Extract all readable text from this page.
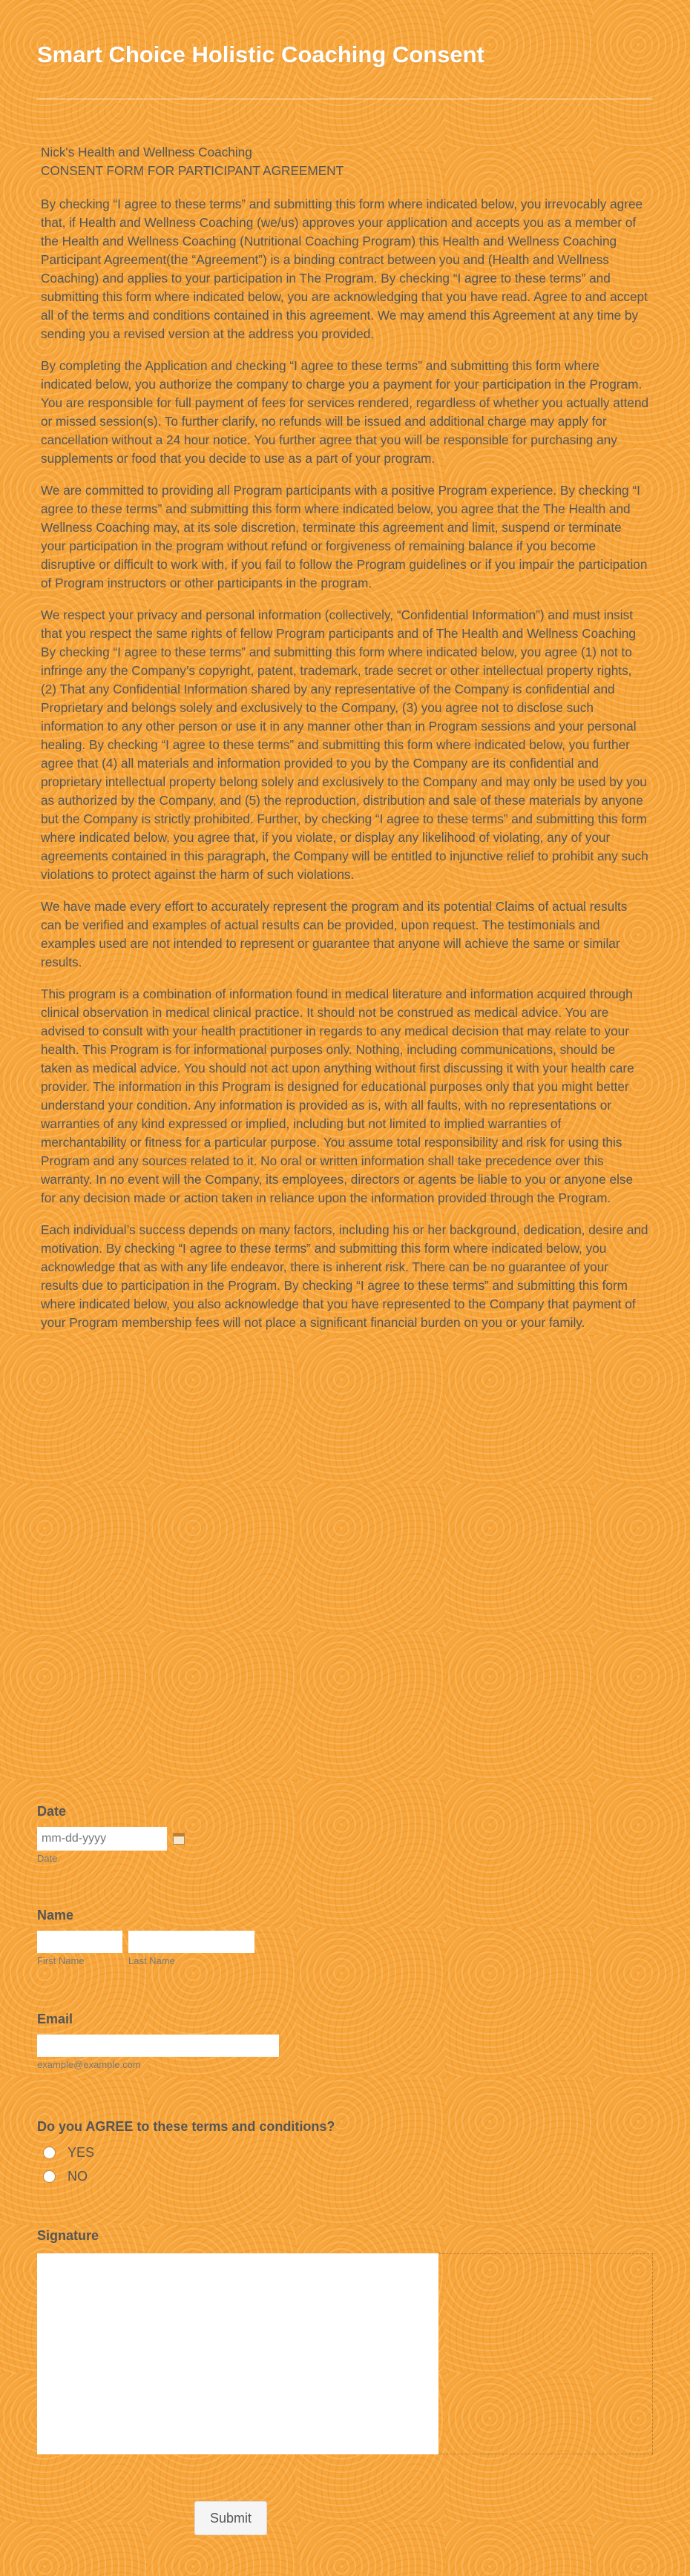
Smart Choice Holistic Coaching Consent

Nick's Health and Wellness Coaching
CONSENT FORM FOR PARTICIPANT AGREEMENT

By checking “I agree to these terms” and submitting this form where indicated below, you irrevocably agree that, if Health and Wellness Coaching (we/us) approves your application and accepts you as a member of the Health and Wellness Coaching (Nutritional Coaching Program) this Health and Wellness Coaching Participant Agreement(the “Agreement”) is a binding contract between you and (Health and Wellness Coaching) and applies to your participation in The Program. By checking “I agree to these terms” and submitting this form where indicated below, you are acknowledging that you have read. Agree to and accept all of the terms and conditions contained in this agreement. We may amend this Agreement at any time by sending you a revised version at the address you provided.

By completing the Application and checking “I agree to these terms” and submitting this form where indicated below, you authorize the company to charge you a payment for your participation in the Program. You are responsible for full payment of fees for services rendered, regardless of whether you actually attend or missed session(s). To further clarify, no refunds will be issued and additional charge may apply for cancellation without a 24 hour notice. You further agree that you will be responsible for purchasing any supplements or food that you decide to use as a part of your program.

We are committed to providing all Program participants with a positive Program experience. By checking “I agree to these terms” and submitting this form where indicated below, you agree that the The Health and Wellness Coaching may, at its sole discretion, terminate this agreement and limit, suspend or terminate your participation in the program without refund or forgiveness of remaining balance if you become disruptive or difficult to work with, if you fail to follow the Program guidelines or if you impair the participation of Program instructors or other participants in the program.

We respect your privacy and personal information (collectively, “Confidential Information”) and must insist that you respect the same rights of fellow Program participants and of The Health and Wellness Coaching By checking “I agree to these terms” and submitting this form where indicated below, you agree (1) not to infringe any the Company’s copyright, patent, trademark, trade secret or other intellectual property rights, (2) That any Confidential Information shared by any representative of the Company is confidential and Proprietary and belongs solely and exclusively to the Company, (3) you agree not to disclose such information to any other person or use it in any manner other than in Program sessions and your personal healing. By checking “I agree to these terms” and submitting this form where indicated below, you further agree that (4) all materials and information provided to you by the Company are its confidential and proprietary intellectual property belong solely and exclusively to the Company and may only be used by you as authorized by the Company, and (5) the reproduction, distribution and sale of these materials by anyone but the Company is strictly prohibited. Further, by checking “I agree to these terms” and submitting this form where indicated below, you agree that, if you violate, or display any likelihood of violating, any of your agreements contained in this paragraph, the Company will be entitled to injunctive relief to prohibit any such violations to protect against the harm of such violations.

We have made every effort to accurately represent the program and its potential Claims of actual results can be verified and examples of actual results can be provided, upon request. The testimonials and examples used are not intended to represent or guarantee that anyone will achieve the same or similar results.

This program is a combination of information found in medical literature and information acquired through clinical observation in medical clinical practice. It should not be construed as medical advice. You are advised to consult with your health practitioner in regards to any medical decision that may relate to your health. This Program is for informational purposes only. Nothing, including communications, should be taken as medical advice. You should not act upon anything without first discussing it with your health care provider. The information in this Program is designed for educational purposes only that you might better understand your condition. Any information is provided as is, with all faults, with no representations or warranties of any kind expressed or implied, including but not limited to implied warranties of merchantability or fitness for a particular purpose. You assume total responsibility and risk for using this Program and any sources related to it. No oral or written information shall take precedence over this warranty. In no event will the Company, its employees, directors or agents be liable to you or anyone else for any decision made or action taken in reliance upon the information provided through the Program.

Each individual’s success depends on many factors, including his or her background, dedication, desire and motivation. By checking “I agree to these terms” and submitting this form where indicated below, you acknowledge that as with any life endeavor, there is inherent risk. There can be no guarantee of your results due to participation in the Program. By checking “I agree to these terms” and submitting this form where indicated below, you also acknowledge that you have represented to the Company that payment of your Program membership fees will not place a significant financial burden on you or your family.

Date
mm-dd-yyyy
Date
Name
First Name	Last Name
Email
example@example.com
Do you AGREE to these terms and conditions?
YES
NO
Signature
Submit
